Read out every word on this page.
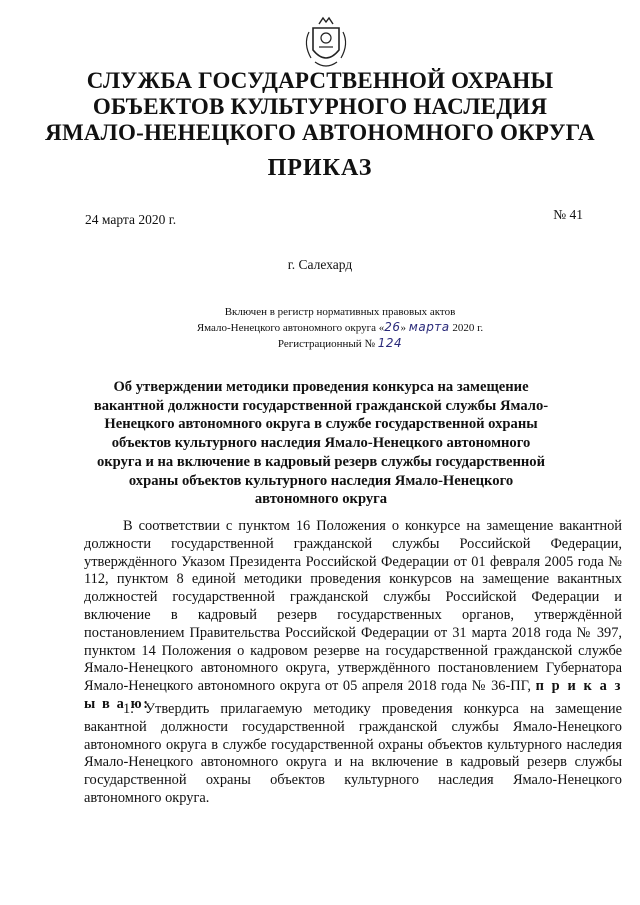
СЛУЖБА ГОСУДАРСТВЕННОЙ ОХРАНЫ
ОБЪЕКТОВ КУЛЬТУРНОГО НАСЛЕДИЯ
ЯМАЛО-НЕНЕЦКОГО АВТОНОМНОГО ОКРУГА
ПРИКАЗ
24 марта 2020 г.	№ 41
г. Салехард
Включен в регистр нормативных правовых актов
Ямало-Ненецкого автономного округа «26» марта 2020 г.
Регистрационный № 124
Об утверждении методики проведения конкурса на замещение вакантной должности государственной гражданской службы Ямало-Ненецкого автономного округа в службе государственной охраны объектов культурного наследия Ямало-Ненецкого автономного округа и на включение в кадровый резерв службы государственной охраны объектов культурного наследия Ямало-Ненецкого автономного округа
В соответствии с пунктом 16 Положения о конкурсе на замещение вакантной должности государственной гражданской службы Российской Федерации, утверждённого Указом Президента Российской Федерации от 01 февраля 2005 года № 112, пунктом 8 единой методики проведения конкурсов на замещение вакантных должностей государственной гражданской службы Российской Федерации и включение в кадровый резерв государственных органов, утверждённой постановлением Правительства Российской Федерации от 31 марта 2018 года № 397, пунктом 14 Положения о кадровом резерве на государственной гражданской службе Ямало-Ненецкого автономного округа, утверждённого постановлением Губернатора Ямало-Ненецкого автономного округа от 05 апреля 2018 года № 36-ПГ, п р и к а з ы в а ю:
1. Утвердить прилагаемую методику проведения конкурса на замещение вакантной должности государственной гражданской службы Ямало-Ненецкого автономного округа в службе государственной охраны объектов культурного наследия Ямало-Ненецкого автономного округа и на включение в кадровый резерв службы государственной охраны объектов культурного наследия Ямало-Ненецкого автономного округа.
